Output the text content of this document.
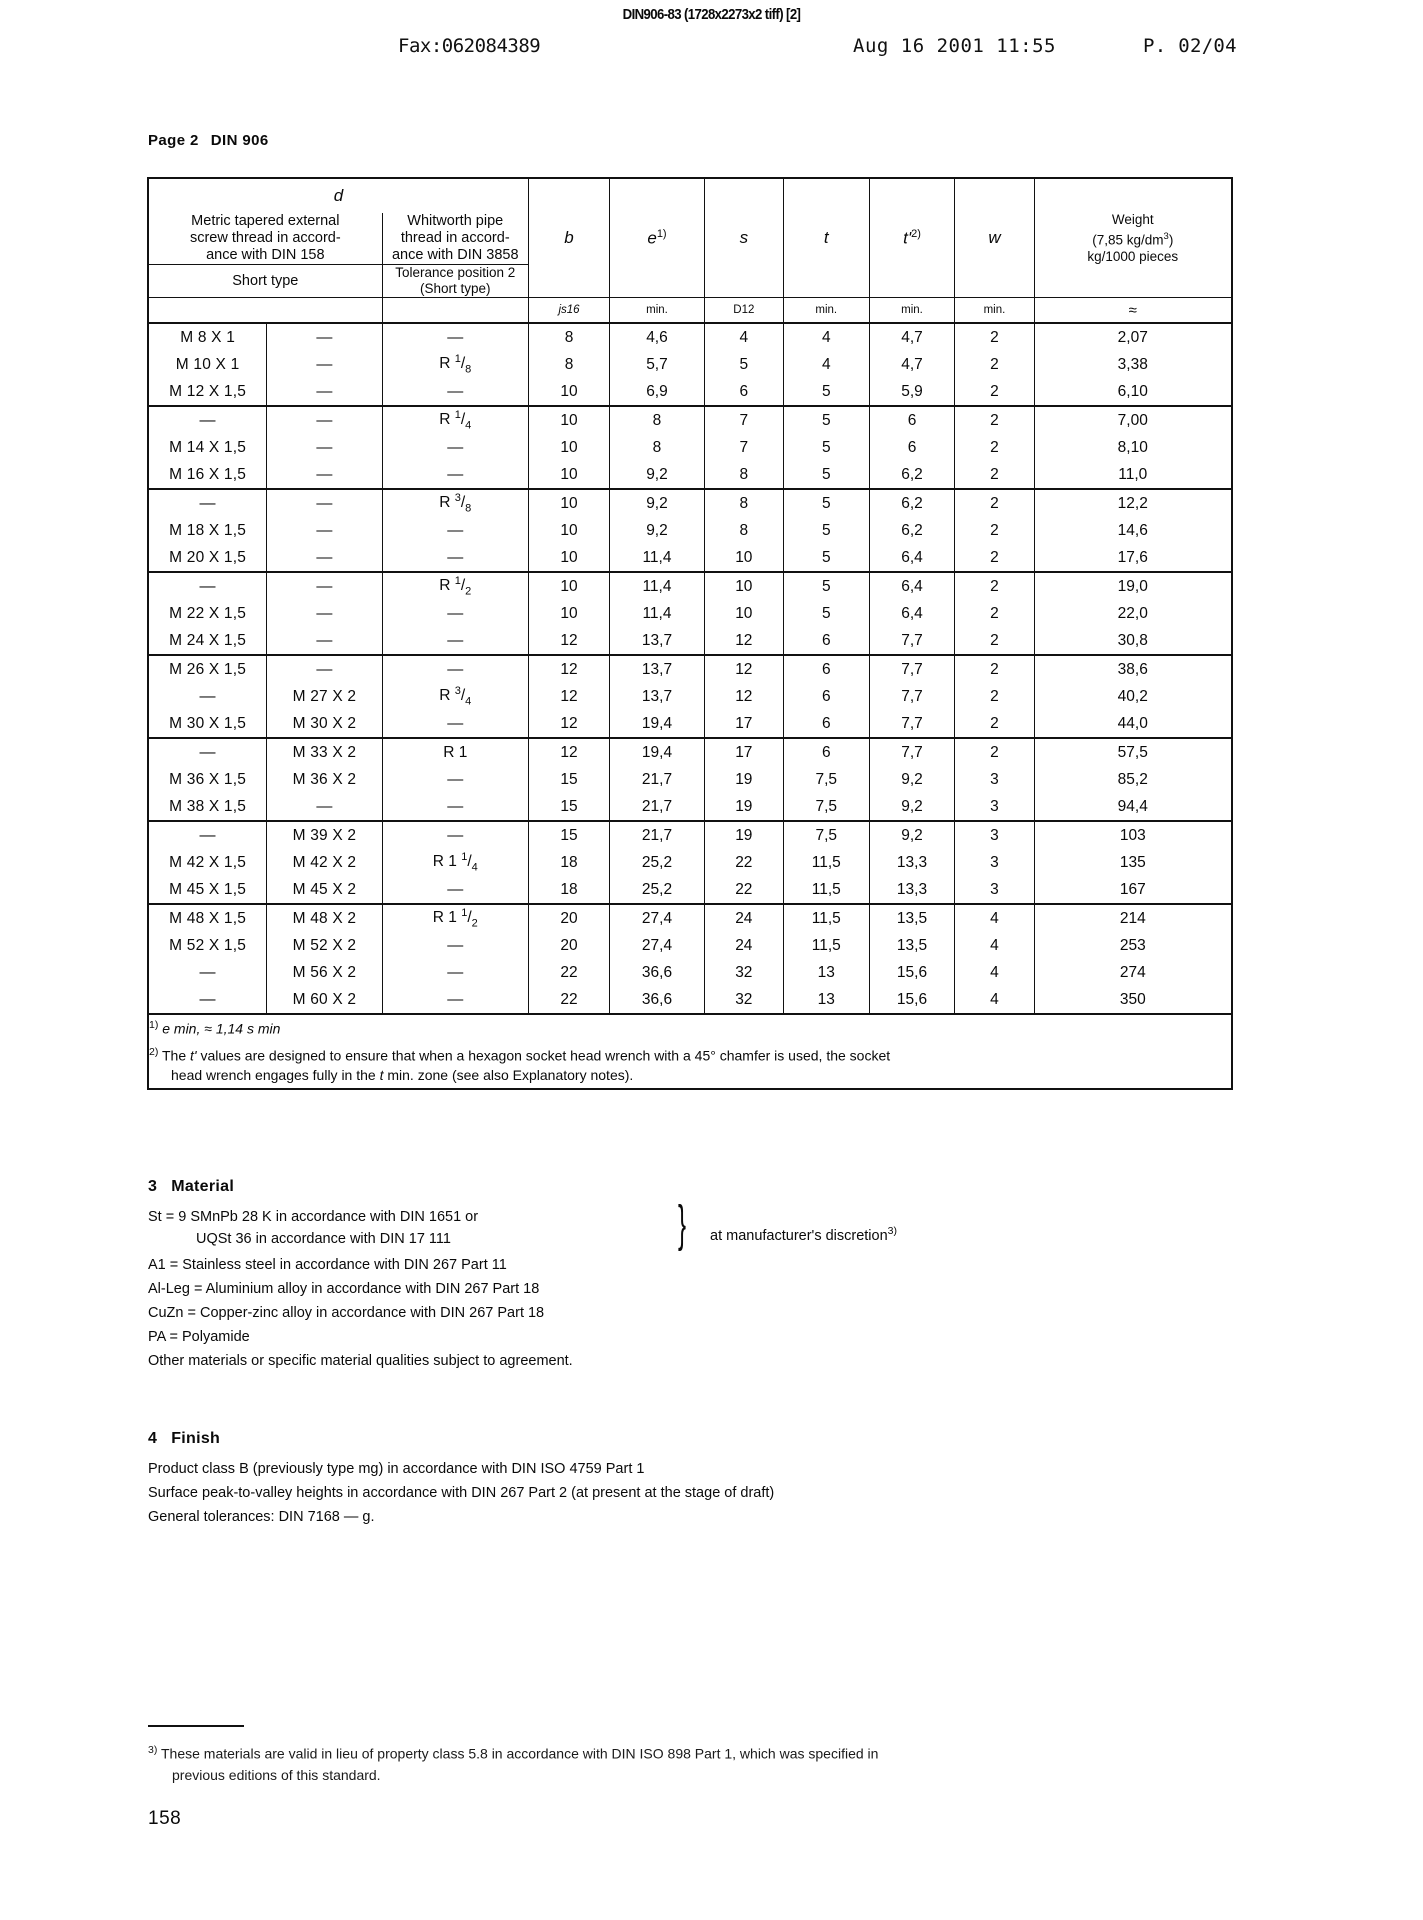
DIN906-83 (1728x2273x2 tiff) [2]
Fax:062084389	Aug 16 2001 11:55	P. 02/04
Page 2 DIN 906
d			b	$e^{1)}$	s	t	$t'^{2)}$	w	Weight
(7,85 $kg/dm^3$)
kg/1000 pieces

Metric tapered external
screw thread in accord-
ance with DIN 158

Whitworth pipe
thread in accord-
ance with DIN 3858

Short type		Tolerance position 2
(Short type)							

			js16	min.	D12	min.	min.	min.	≈
M 8 X 1	—	—	8	4,6	4	4	4,7	2	2,07
M 10 X 1	—	R $^1/_8$	8	5,7	5	4	4,7	2	3,38
M 12 X 1,5	—	—	10	6,9	6	5	5,9	2	6,10
—	—	R $^1/_4$	10	8	7	5	6	2	7,00
M 14 X 1,5	—	—	10	8	7	5	6	2	8,10
M 16 X 1,5	—	—	10	9,2	8	5	6,2	2	11,0
—	—	R $^3/_8$	10	9,2	8	5	6,2	2	12,2
M 18 X 1,5	—	—	10	9,2	8	5	6,2	2	14,6
M 20 X 1,5	—	—	10	11,4	10	5	6,4	2	17,6
—	—	R $^1/_2$	10	11,4	10	5	6,4	2	19,0
M 22 X 1,5	—	—	10	11,4	10	5	6,4	2	22,0
M 24 X 1,5	—	—	12	13,7	12	6	7,7	2	30,8
M 26 X 1,5	—	—	12	13,7	12	6	7,7	2	38,6
—	M 27 X 2	R $^3/_4$	12	13,7	12	6	7,7	2	40,2
M 30 X 1,5	M 30 X 2	—	12	19,4	17	6	7,7	2	44,0
—	M 33 X 2	R 1	12	19,4	17	6	7,7	2	57,5
M 36 X 1,5	M 36 X 2	—	15	21,7	19	7,5	9,2	3	85,2
M 38 X 1,5	—	—	15	21,7	19	7,5	9,2	3	94,4
—	M 39 X 2	—	15	21,7	19	7,5	9,2	3	103
M 42 X 1,5	M 42 X 2	R 1 $^1/_4$	18	25,2	22	11,5	13,3	3	135
M 45 X 1,5	M 45 X 2	—	18	25,2	22	11,5	13,3	3	167
M 48 X 1,5	M 48 X 2	R 1 $^1/_2$	20	27,4	24	11,5	13,5	4	214
M 52 X 1,5	M 52 X 2	—	20	27,4	24	11,5	13,5	4	253
—	M 56 X 2	—	22	36,6	32	13	15,6	4	274
—	M 60 X 2	—	22	36,6	32	13	15,6	4	350

$^{1)}$ e min, ≈ 1,14 s min

$^{2)}$ The t' values are designed to ensure that when a hexagon socket head wrench with a 45° chamfer is used, the socket
head wrench engages fully in the t min. zone (see also Explanatory notes).									

3 Material
St = 9 SMnPb 28 K in accordance with DIN 1651 or
UQSt 36 in accordance with DIN 17 111	} at manufacturer's discretion$^{3)}$
A1 = Stainless steel in accordance with DIN 267 Part 11
Al-Leg = Aluminium alloy in accordance with DIN 267 Part 18
CuZn = Copper-zinc alloy in accordance with DIN 267 Part 18
PA = Polyamide
Other materials or specific material qualities subject to agreement.
4 Finish
Product class B (previously type mg) in accordance with DIN ISO 4759 Part 1
Surface peak-to-valley heights in accordance with DIN 267 Part 2 (at present at the stage of draft)
General tolerances: DIN 7168 — g.
$^{3)}$ These materials are valid in lieu of property class 5.8 in accordance with DIN ISO 898 Part 1, which was specified in
previous editions of this standard.
158
